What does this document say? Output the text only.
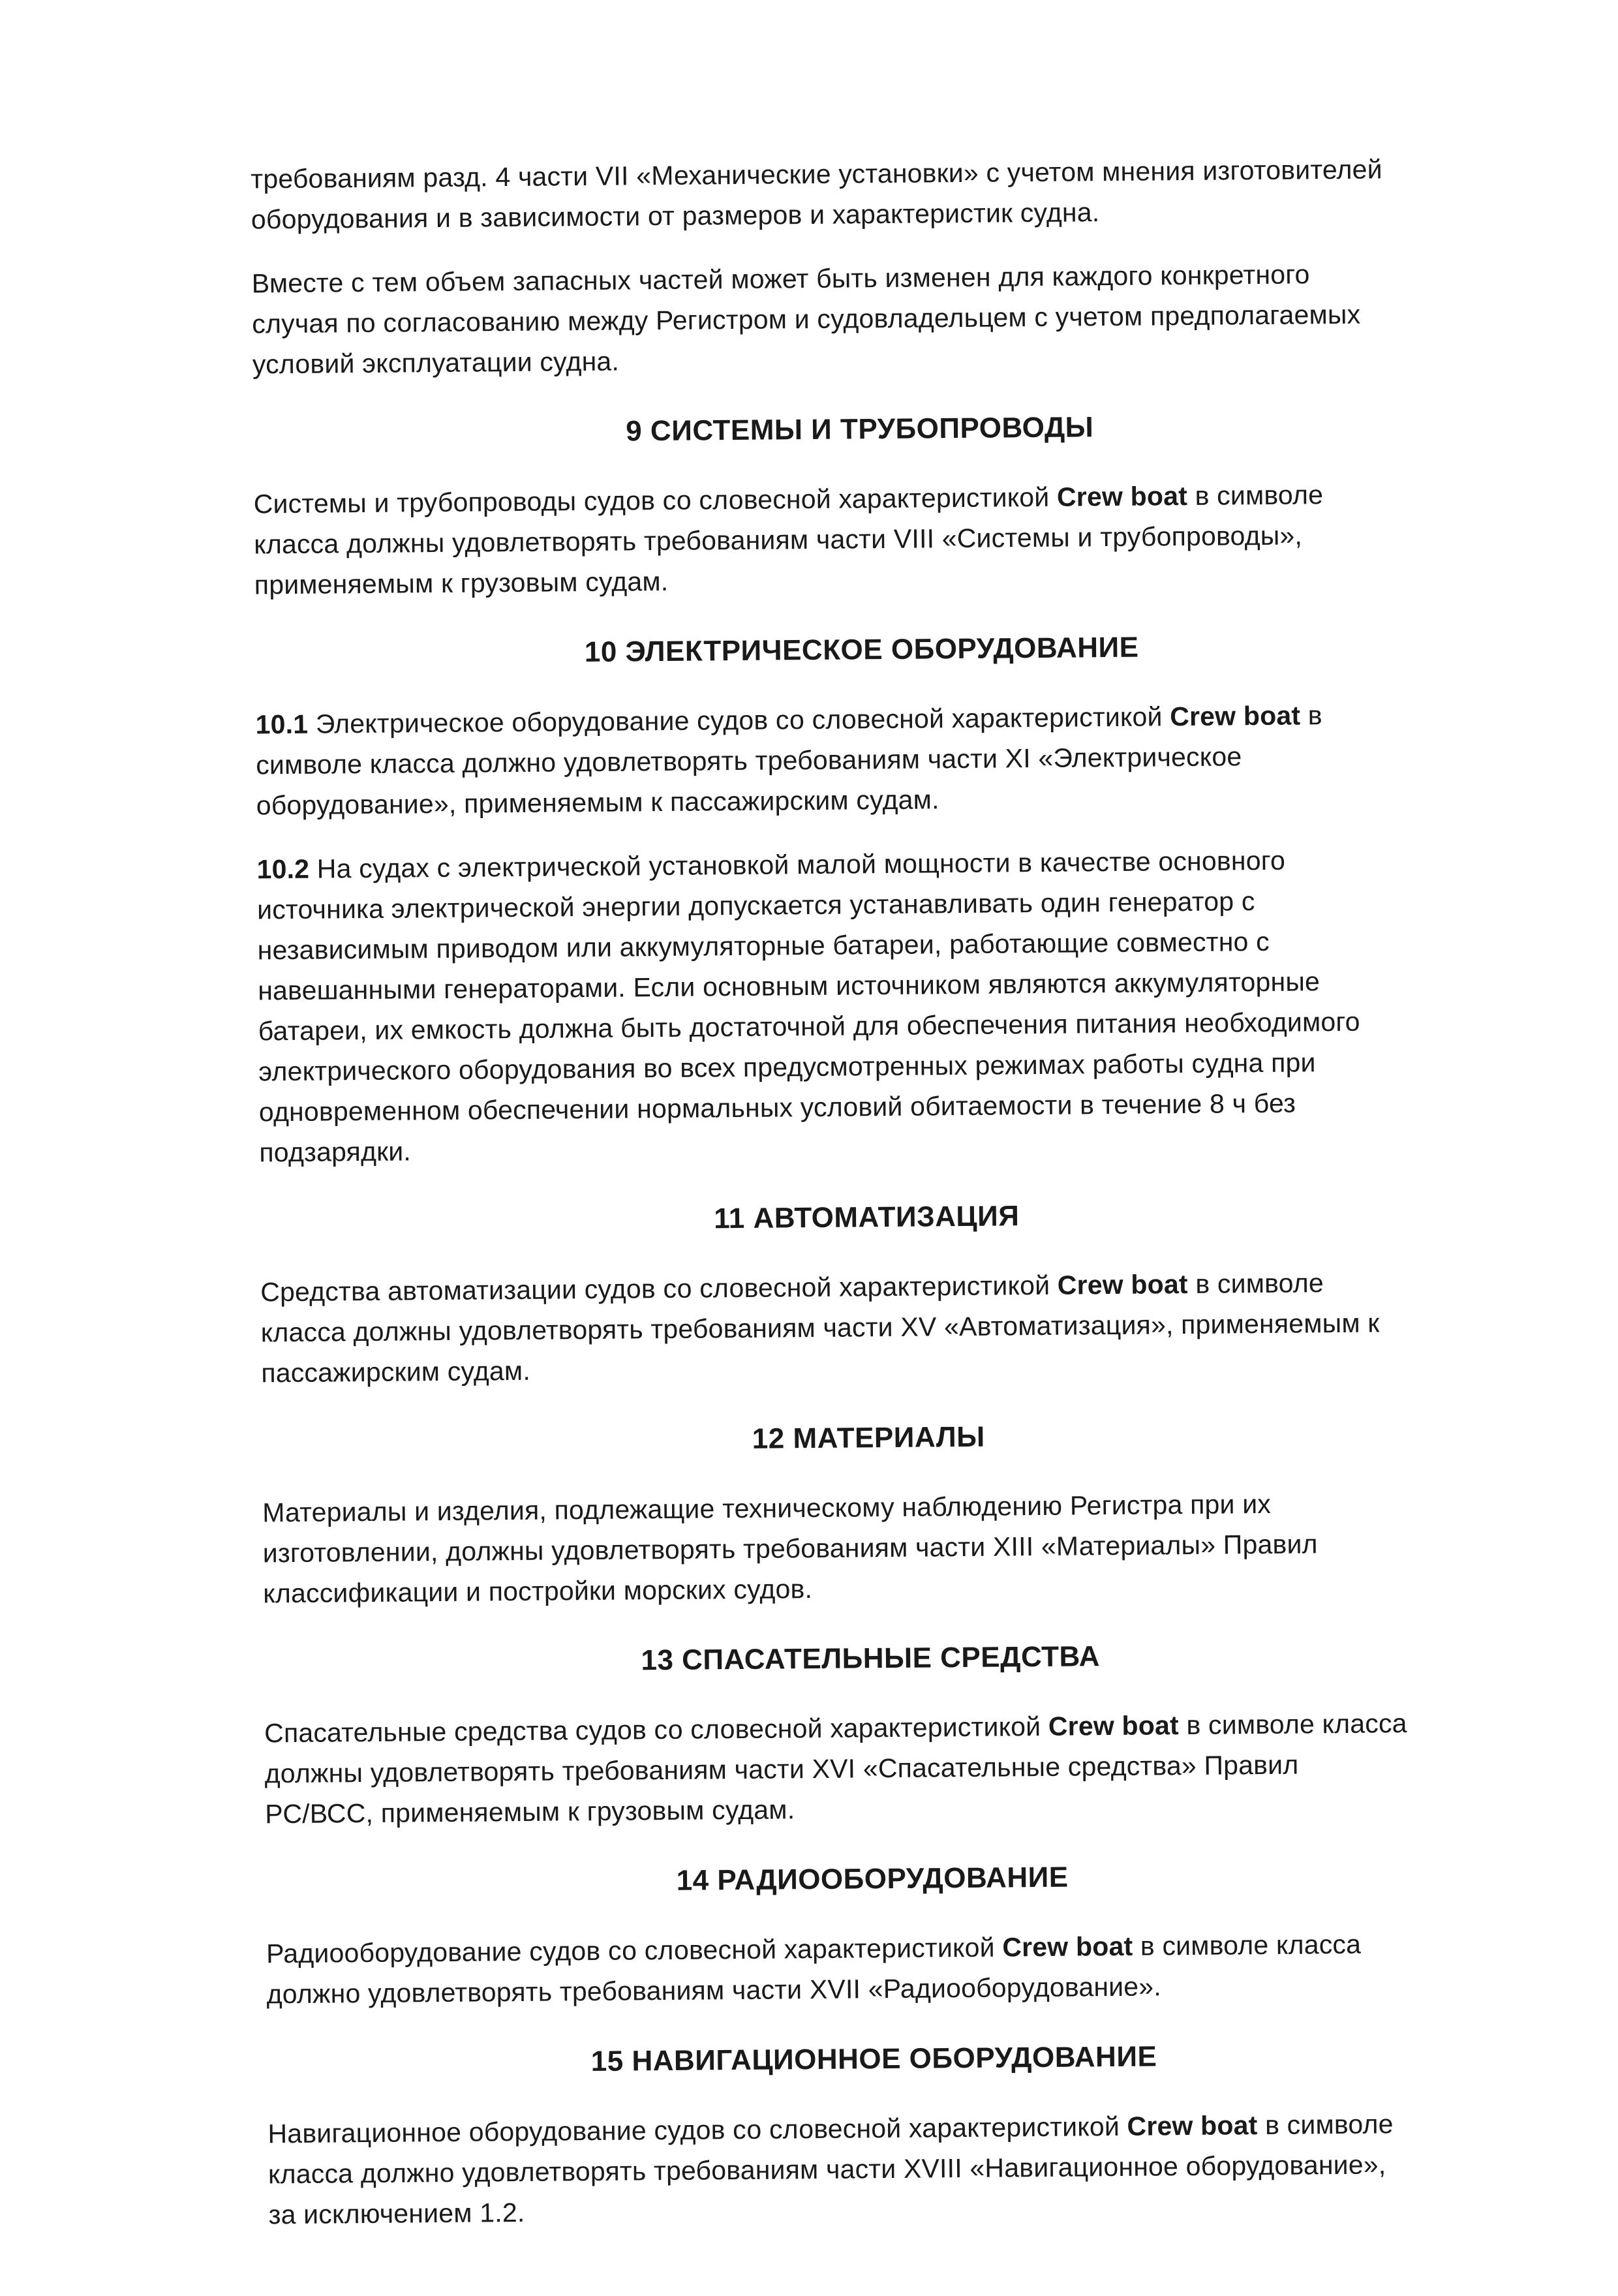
требованиям разд. 4 части VII «Механические установки» с учетом мнения изготовителей
оборудования и в зависимости от размеров и характеристик судна.

Вместе с тем объем запасных частей может быть изменен для каждого конкретного
случая по согласованию между Регистром и судовладельцем с учетом предполагаемых
условий эксплуатации судна.

9 СИСТЕМЫ И ТРУБОПРОВОДЫ

Системы и трубопроводы судов со словесной характеристикой Crew boat в символе
класса должны удовлетворять требованиям части VIII «Системы и трубопроводы»,
применяемым к грузовым судам.

10 ЭЛЕКТРИЧЕСКОЕ ОБОРУДОВАНИЕ

10.1 Электрическое оборудование судов со словесной характеристикой Crew boat в
символе класса должно удовлетворять требованиям части XI «Электрическое
оборудование», применяемым к пассажирским судам.

10.2 На судах с электрической установкой малой мощности в качестве основного
источника электрической энергии допускается устанавливать один генератор с
независимым приводом или аккумуляторные батареи, работающие совместно с
навешанными генераторами. Если основным источником являются аккумуляторные
батареи, их емкость должна быть достаточной для обеспечения питания необходимого
электрического оборудования во всех предусмотренных режимах работы судна при
одновременном обеспечении нормальных условий обитаемости в течение 8 ч без
подзарядки.

11 АВТОМАТИЗАЦИЯ

Средства автоматизации судов со словесной характеристикой Crew boat в символе
класса должны удовлетворять требованиям части XV «Автоматизация», применяемым к
пассажирским судам.

12 МАТЕРИАЛЫ

Материалы и изделия, подлежащие техническому наблюдению Регистра при их
изготовлении, должны удовлетворять требованиям части XIII «Материалы» Правил
классификации и постройки морских судов.

13 СПАСАТЕЛЬНЫЕ СРЕДСТВА

Спасательные средства судов со словесной характеристикой Crew boat в символе класса
должны удовлетворять требованиям части XVI «Спасательные средства» Правил
РС/ВСС, применяемым к грузовым судам.

14 РАДИООБОРУДОВАНИЕ

Радиооборудование судов со словесной характеристикой Crew boat в символе класса
должно удовлетворять требованиям части XVII «Радиооборудование».

15 НАВИГАЦИОННОЕ ОБОРУДОВАНИЕ

Навигационное оборудование судов со словесной характеристикой Crew boat в символе
класса должно удовлетворять требованиям части XVIII «Навигационное оборудование»,
за исключением 1.2.
